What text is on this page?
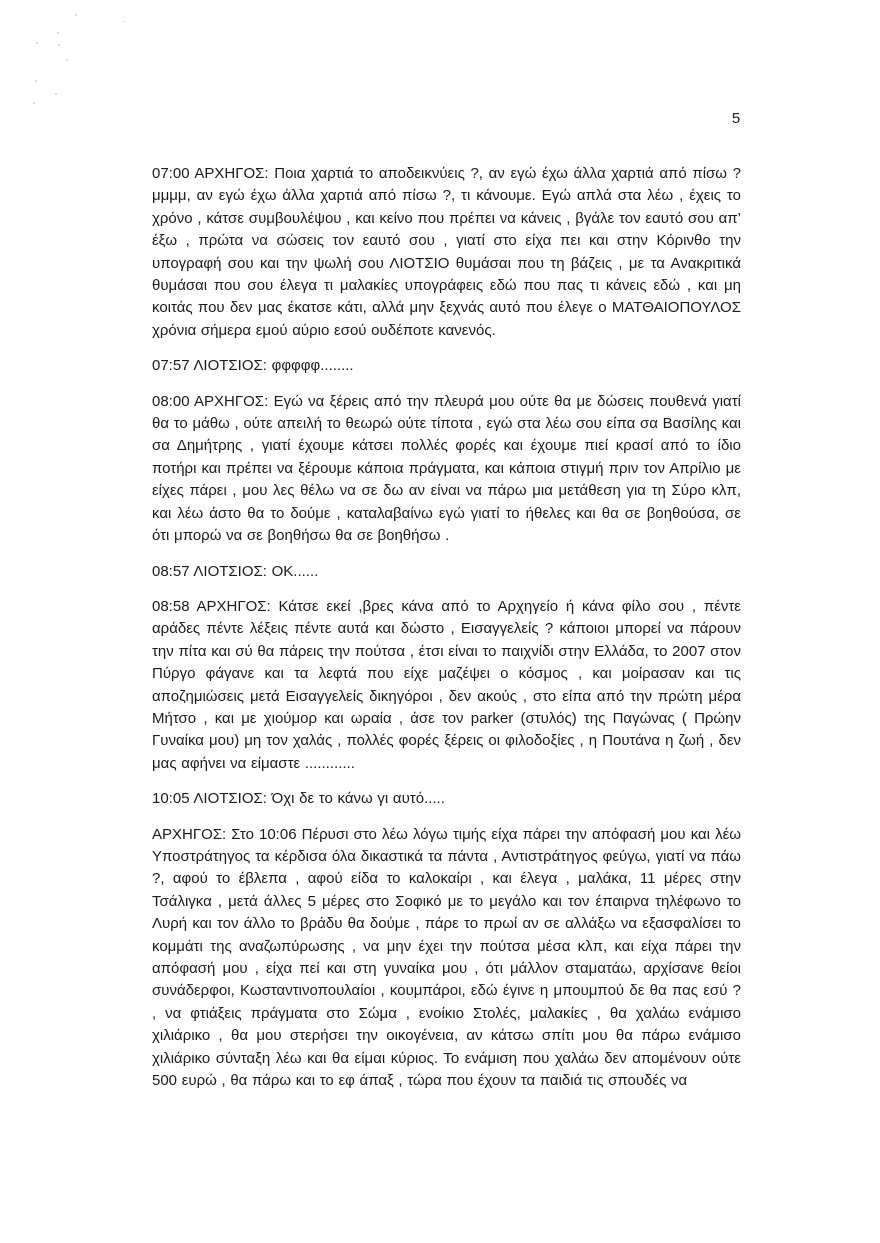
5

07:00 ΑΡΧΗΓΟΣ: Ποια χαρτιά το αποδεικνύεις ?, αν εγώ έχω άλλα χαρτιά από πίσω ? μμμμ, αν εγώ έχω άλλα χαρτιά από πίσω ?, τι κάνουμε. Εγώ απλά στα λέω , έχεις το χρόνο , κάτσε συμβουλέψου , και κείνο που πρέπει να κάνεις , βγάλε τον εαυτό σου απ’ έξω , πρώτα να σώσεις τον εαυτό σου , γιατί στο είχα πει και στην Κόρινθο την υπογραφή σου και την ψωλή σου ΛΙΟΤΣΙΟ θυμάσαι που τη βάζεις , με τα Ανακριτικά θυμάσαι που σου έλεγα τι μαλακίες υπογράφεις εδώ που πας τι κάνεις εδώ , και μη κοιτάς που δεν μας έκατσε κάτι, αλλά μην ξεχνάς αυτό που έλεγε ο ΜΑΤΘΑΙΟΠΟΥΛΟΣ χρόνια σήμερα εμού αύριο εσού ουδέποτε κανενός.

07:57 ΛΙΟΤΣΙΟΣ: φφφφφ........

08:00 ΑΡΧΗΓΟΣ: Εγώ να ξέρεις από την πλευρά μου ούτε θα με δώσεις πουθενά γιατί θα το μάθω , ούτε απειλή το θεωρώ ούτε τίποτα , εγώ στα λέω σου είπα σα Βασίλης και σα Δημήτρης , γιατί έχουμε κάτσει πολλές φορές και έχουμε πιεί κρασί από το ίδιο ποτήρι και πρέπει να ξέρουμε κάποια πράγματα, και κάποια στιγμή πριν τον Απρίλιο με είχες πάρει , μου λες θέλω να σε δω αν είναι να πάρω μια μετάθεση για τη Σύρο κλπ, και λέω άστο θα το δούμε , καταλαβαίνω εγώ γιατί το ήθελες και θα σε βοηθούσα, σε ότι μπορώ να σε βοηθήσω θα σε βοηθήσω .

08:57 ΛΙΟΤΣΙΟΣ: ΟΚ......

08:58 ΑΡΧΗΓΟΣ: Κάτσε εκεί ,βρες κάνα από το Αρχηγείο ή κάνα φίλο σου , πέντε αράδες πέντε λέξεις πέντε αυτά και δώστο , Εισαγγελείς ? κάποιοι μπορεί να πάρουν την πίτα και σύ θα πάρεις την πούτσα , έτσι είναι το παιχνίδι στην Ελλάδα, το 2007 στον Πύργο φάγανε και τα λεφτά που είχε μαζέψει ο κόσμος , και μοίρασαν και τις αποζημιώσεις μετά Εισαγγελείς δικηγόροι , δεν ακούς , στο είπα από την πρώτη μέρα Μήτσο , και με χιούμορ και ωραία , άσε τον parker (στυλός) της Παγώνας ( Πρώην Γυναίκα μου) μη τον χαλάς , πολλές φορές ξέρεις οι φιλοδοξίες , η Πουτάνα η ζωή , δεν μας αφήνει να είμαστε ............

10:05 ΛΙΟΤΣΙΟΣ: Όχι δε το κάνω γι αυτό.....

ΑΡΧΗΓΟΣ: Στο 10:06 Πέρυσι στο λέω λόγω τιμής είχα πάρει την απόφασή μου και λέω Υποστράτηγος τα κέρδισα όλα δικαστικά τα πάντα , Αντιστράτηγος φεύγω, γιατί να πάω ?, αφού το έβλεπα , αφού είδα το καλοκαίρι , και έλεγα , μαλάκα, 11 μέρες στην Τσάλιγκα , μετά άλλες 5 μέρες στο Σοφικό με το μεγάλο και τον έπαιρνα τηλέφωνο το Λυρή και τον άλλο το βράδυ θα δούμε , πάρε το πρωί αν σε αλλάξω να εξασφαλίσει το κομμάτι της αναζωπύρωσης , να μην έχει την πούτσα μέσα κλπ, και είχα πάρει την απόφασή μου , είχα πεί και στη γυναίκα μου , ότι μάλλον σταματάω, αρχίσανε θείοι συνάδερφοι, Κωσταντινοπουλαίοι , κουμπάροι, εδώ έγινε η μπουμπού δε θα πας εσύ ? , να φτιάξεις πράγματα στο Σώμα , ενοίκιο Στολές, μαλακίες , θα χαλάω ενάμισο χιλιάρικο , θα μου στερήσει την οικογένεια, αν κάτσω σπίτι μου θα πάρω ενάμισο χιλιάρικο σύνταξη λέω και θα είμαι κύριος. Το ενάμιση που χαλάω δεν απομένουν ούτε 500 ευρώ , θα πάρω και το εφ άπαξ , τώρα που έχουν τα παιδιά τις σπουδές να
